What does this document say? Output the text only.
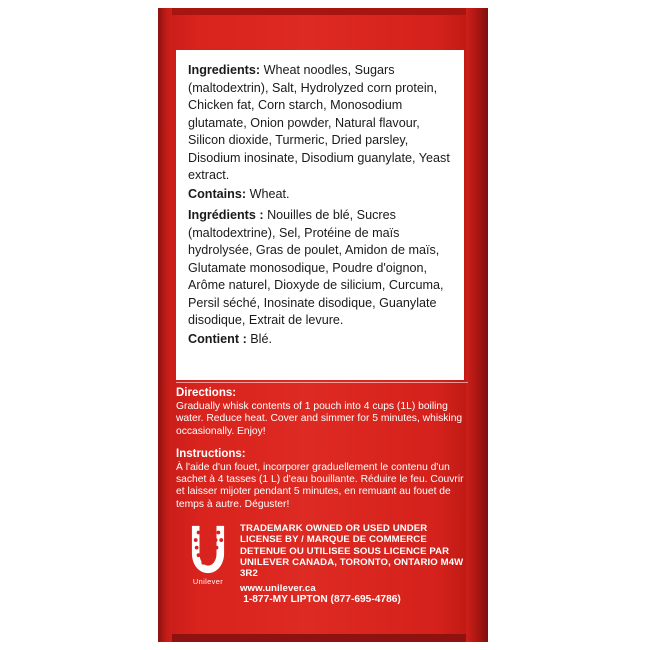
Ingredients: Wheat noodles, Sugars (maltodextrin), Salt, Hydrolyzed corn protein, Chicken fat, Corn starch, Monosodium glutamate, Onion powder, Natural flavour, Silicon dioxide, Turmeric, Dried parsley, Disodium inosinate, Disodium guanylate, Yeast extract.
Contains: Wheat.
Ingrédients : Nouilles de blé, Sucres (maltodextrine), Sel, Protéine de maïs hydrolysée, Gras de poulet, Amidon de maïs, Glutamate monosodique, Poudre d'oignon, Arôme naturel, Dioxyde de silicium, Curcuma, Persil séché, Inosinate disodique, Guanylate disodique, Extrait de levure.
Contient : Blé.
Directions:
Gradually whisk contents of 1 pouch into 4 cups (1L) boiling water. Reduce heat. Cover and simmer for 5 minutes, whisking occasionally. Enjoy!
Instructions:
À l'aide d'un fouet, incorporer graduellement le contenu d'un sachet à 4 tasses (1 L) d'eau bouillante. Réduire le feu. Couvrir et laisser mijoter pendant 5 minutes, en remuant au fouet de temps à autre. Déguster!
Unilever
TRADEMARK OWNED OR USED UNDER LICENSE BY / MARQUE DE COMMERCE DETENUE OU UTILISEE SOUS LICENCE PAR UNILEVER CANADA, TORONTO, ONTARIO M4W 3R2
www.unilever.ca
1-877-MY LIPTON (877-695-4786)
